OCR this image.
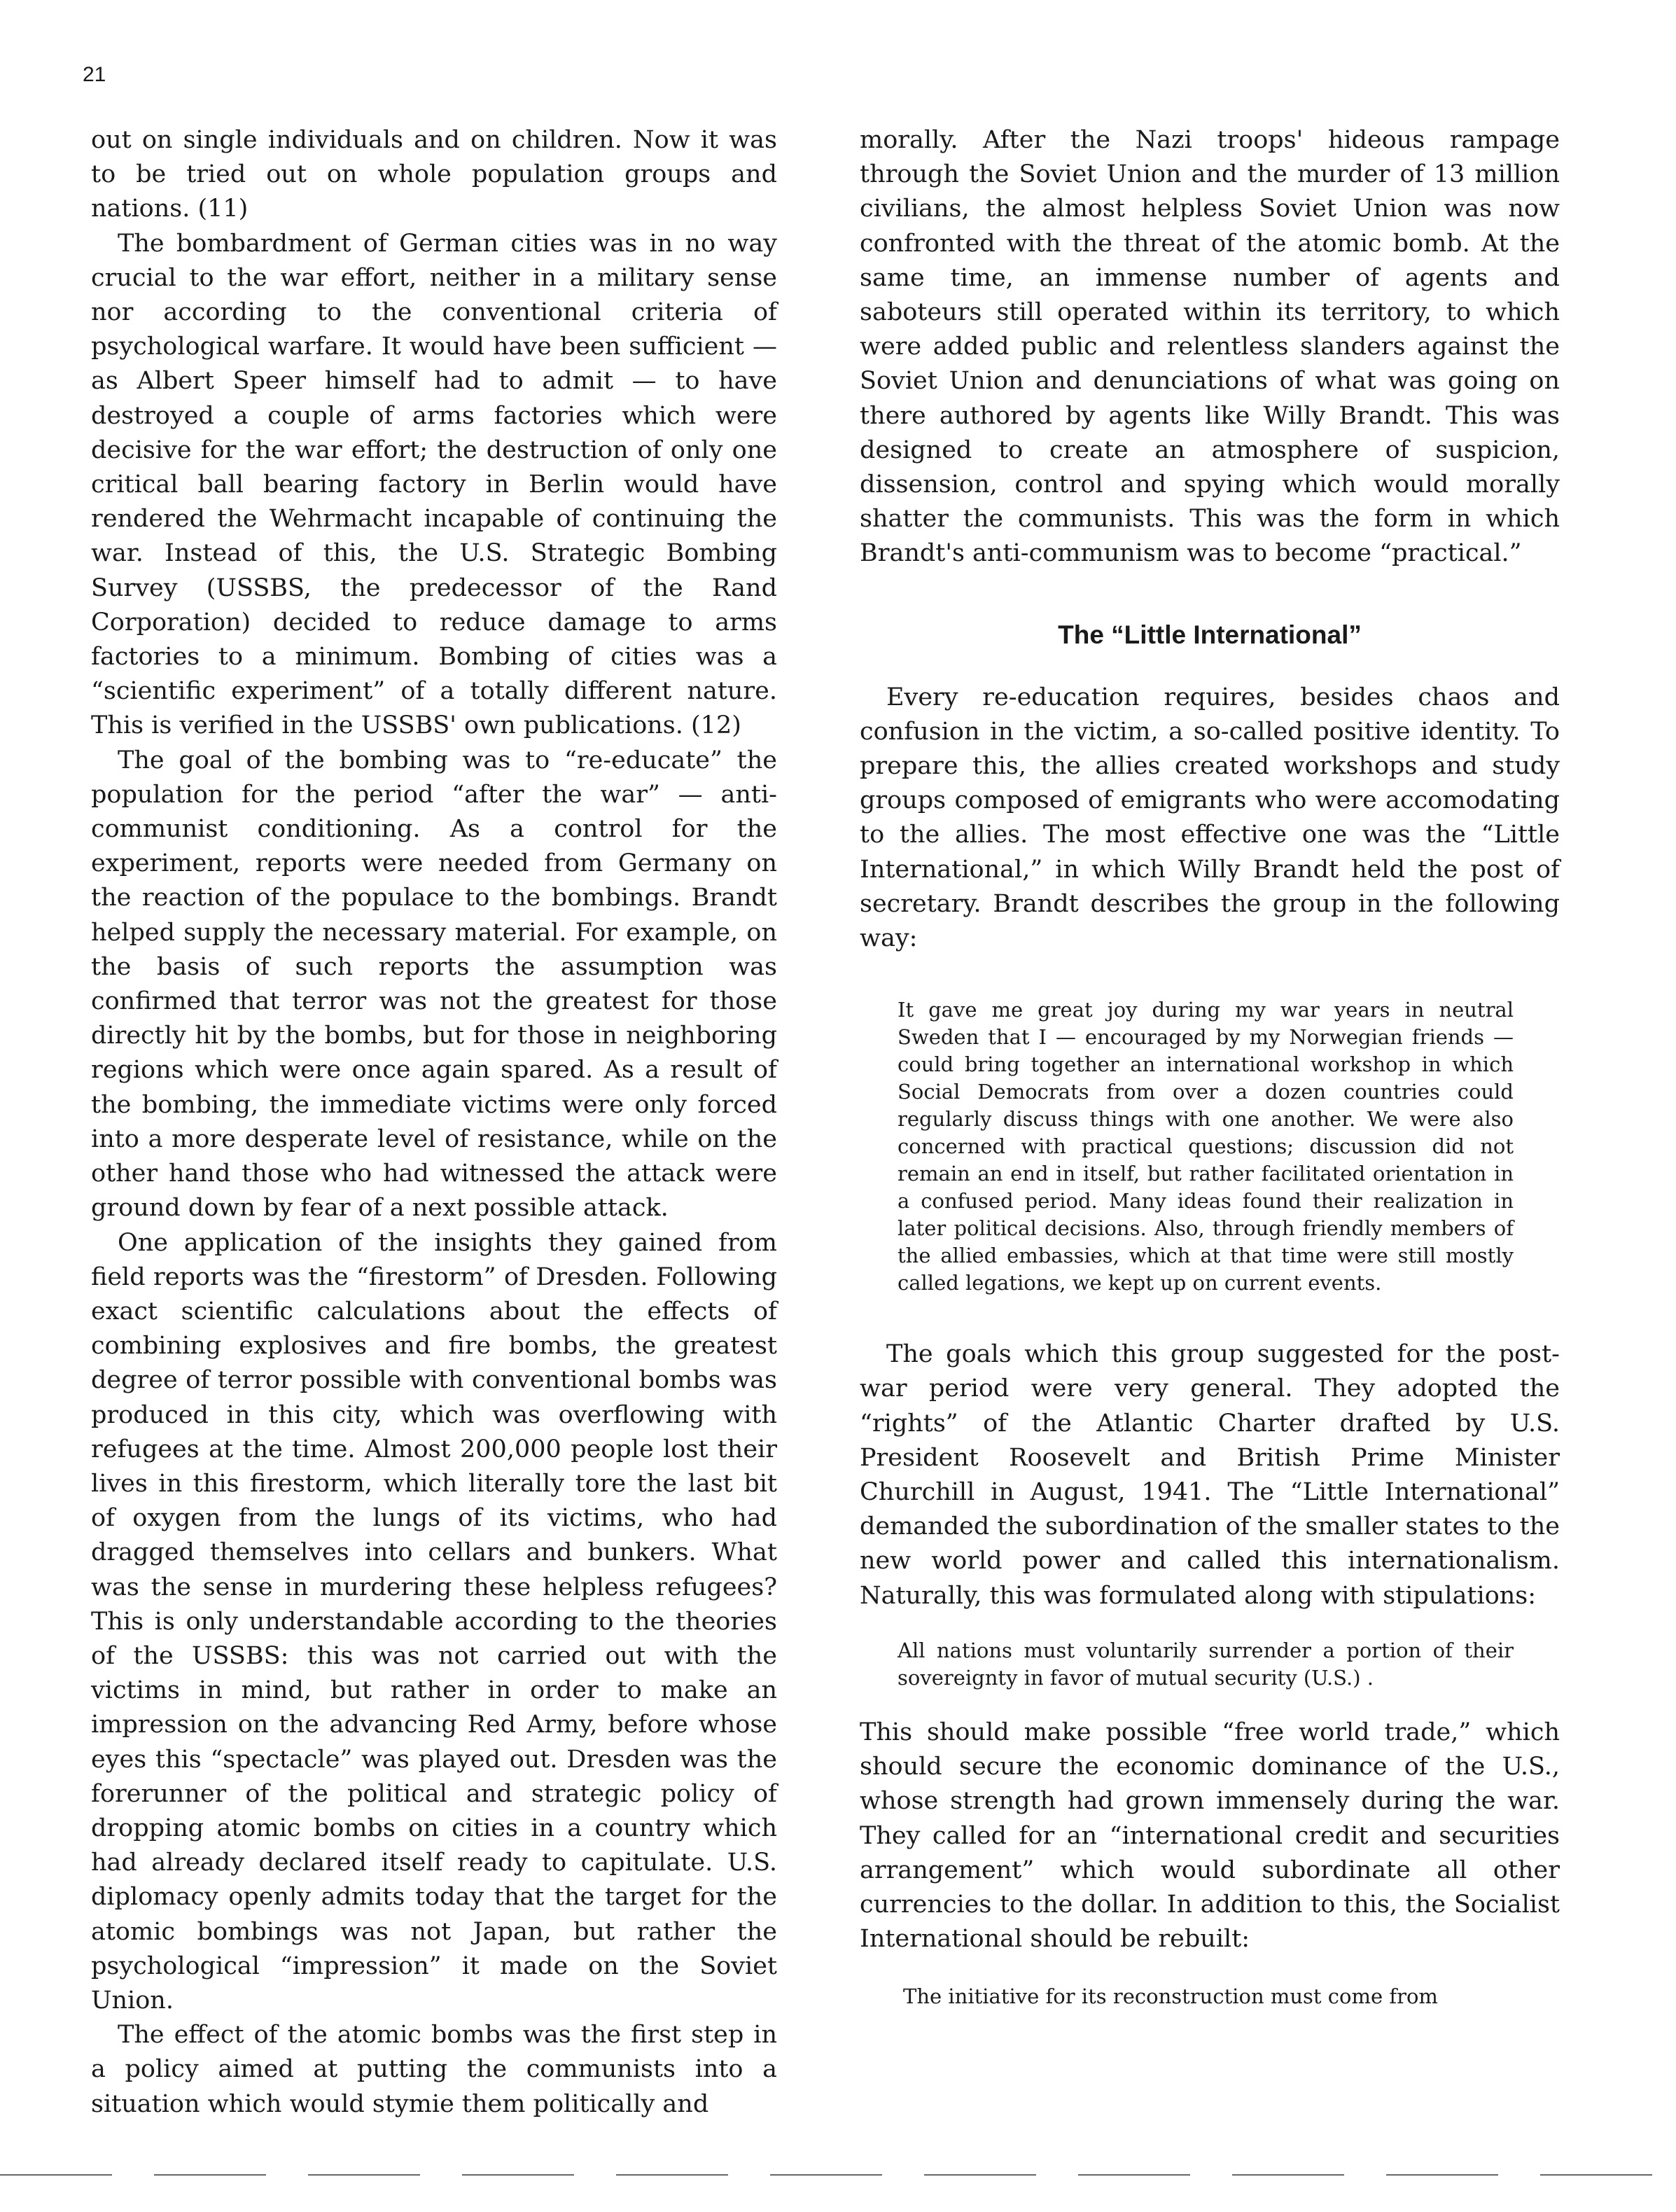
21

out on single individuals and on children. Now it was to be tried out on whole population groups and nations. (11)

The bombardment of German cities was in no way crucial to the war effort, neither in a military sense nor according to the conventional criteria of psychological warfare. It would have been sufficient — as Albert Speer himself had to admit — to have destroyed a couple of arms factories which were decisive for the war effort; the destruction of only one critical ball bearing factory in Berlin would have rendered the Wehrmacht incapable of continuing the war. Instead of this, the U.S. Strategic Bombing Survey (USSBS, the predecessor of the Rand Corporation) decided to reduce damage to arms factories to a minimum. Bombing of cities was a “scientific experiment” of a totally different nature. This is verified in the USSBS' own publications. (12)

The goal of the bombing was to “re-educate” the population for the period “after the war” — anti-communist conditioning. As a control for the experiment, reports were needed from Germany on the reaction of the populace to the bombings. Brandt helped supply the necessary material. For example, on the basis of such reports the assumption was confirmed that terror was not the greatest for those directly hit by the bombs, but for those in neighboring regions which were once again spared. As a result of the bombing, the immediate victims were only forced into a more desperate level of resistance, while on the other hand those who had witnessed the attack were ground down by fear of a next possible attack.

One application of the insights they gained from field reports was the “firestorm” of Dresden. Following exact scientific calculations about the effects of combining explosives and fire bombs, the greatest degree of terror possible with conventional bombs was produced in this city, which was overflowing with refugees at the time. Almost 200,000 people lost their lives in this firestorm, which literally tore the last bit of oxygen from the lungs of its victims, who had dragged themselves into cellars and bunkers. What was the sense in murdering these helpless refugees? This is only understandable according to the theories of the USSBS: this was not carried out with the victims in mind, but rather in order to make an impression on the advancing Red Army, before whose eyes this “spectacle” was played out. Dresden was the forerunner of the political and strategic policy of dropping atomic bombs on cities in a country which had already declared itself ready to capitulate. U.S. diplomacy openly admits today that the target for the atomic bombings was not Japan, but rather the psychological “impression” it made on the Soviet Union.

The effect of the atomic bombs was the first step in a policy aimed at putting the communists into a situation which would stymie them politically and

morally. After the Nazi troops' hideous rampage through the Soviet Union and the murder of 13 million civilians, the almost helpless Soviet Union was now confronted with the threat of the atomic bomb. At the same time, an immense number of agents and saboteurs still operated within its territory, to which were added public and relentless slanders against the Soviet Union and denunciations of what was going on there authored by agents like Willy Brandt. This was designed to create an atmosphere of suspicion, dissension, control and spying which would morally shatter the communists. This was the form in which Brandt's anti-communism was to become “practical.”

The “Little International”

Every re-education requires, besides chaos and confusion in the victim, a so-called positive identity. To prepare this, the allies created workshops and study groups composed of emigrants who were accomodating to the allies. The most effective one was the “Little International,” in which Willy Brandt held the post of secretary. Brandt describes the group in the following way:

It gave me great joy during my war years in neutral Sweden that I — encouraged by my Norwegian friends — could bring together an international workshop in which Social Democrats from over a dozen countries could regularly discuss things with one another. We were also concerned with practical questions; discussion did not remain an end in itself, but rather facilitated orientation in a confused period. Many ideas found their realization in later political decisions. Also, through friendly members of the allied embassies, which at that time were still mostly called legations, we kept up on current events.

The goals which this group suggested for the post-war period were very general. They adopted the “rights” of the Atlantic Charter drafted by U.S. President Roosevelt and British Prime Minister Churchill in August, 1941. The “Little International” demanded the subordination of the smaller states to the new world power and called this internationalism. Naturally, this was formulated along with stipulations:

All nations must voluntarily surrender a portion of their sovereignty in favor of mutual security (U.S.) .

This should make possible “free world trade,” which should secure the economic dominance of the U.S., whose strength had grown immensely during the war. They called for an “international credit and securities arrangement” which would subordinate all other currencies to the dollar. In addition to this, the Socialist International should be rebuilt:

The initiative for its reconstruction must come from
